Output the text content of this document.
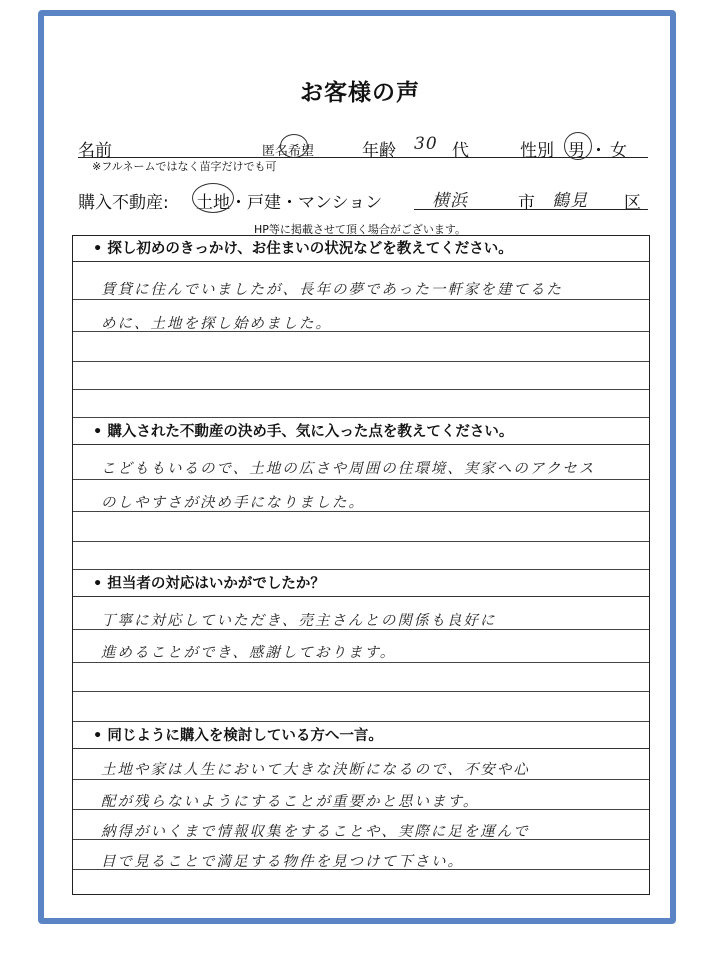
お客様の声
名前	匿名希望	年齢 30 代	性別 男 ・ 女
※フルネームではなく苗字だけでも可
購入不動産: 土地・戸建・マンション	横浜	市 鶴見 区
HP等に掲載させて頂く場合がございます。
• 探し初めのきっかけ、お住まいの状況などを教えてください。
賃貸に住んでいましたが、長年の夢であった一軒家を建てるた
めに、土地を探し始めました。
• 購入された不動産の決め手、気に入った点を教えてください。
こどももいるので、土地の広さや周囲の住環境、実家へのアクセス
のしやすさが決め手になりました。
• 担当者の対応はいかがでしたか？
丁寧に対応していただき、売主さんとの関係も良好に
進めることができ、感謝しております。
• 同じように購入を検討している方へ一言。
土地や家は人生において大きな決断になるので、不安や心
配が残らないようにすることが重要かと思います。
納得がいくまで情報収集をすることや、実際に足を運んで
目で見ることで満足する物件を見つけて下さい。
